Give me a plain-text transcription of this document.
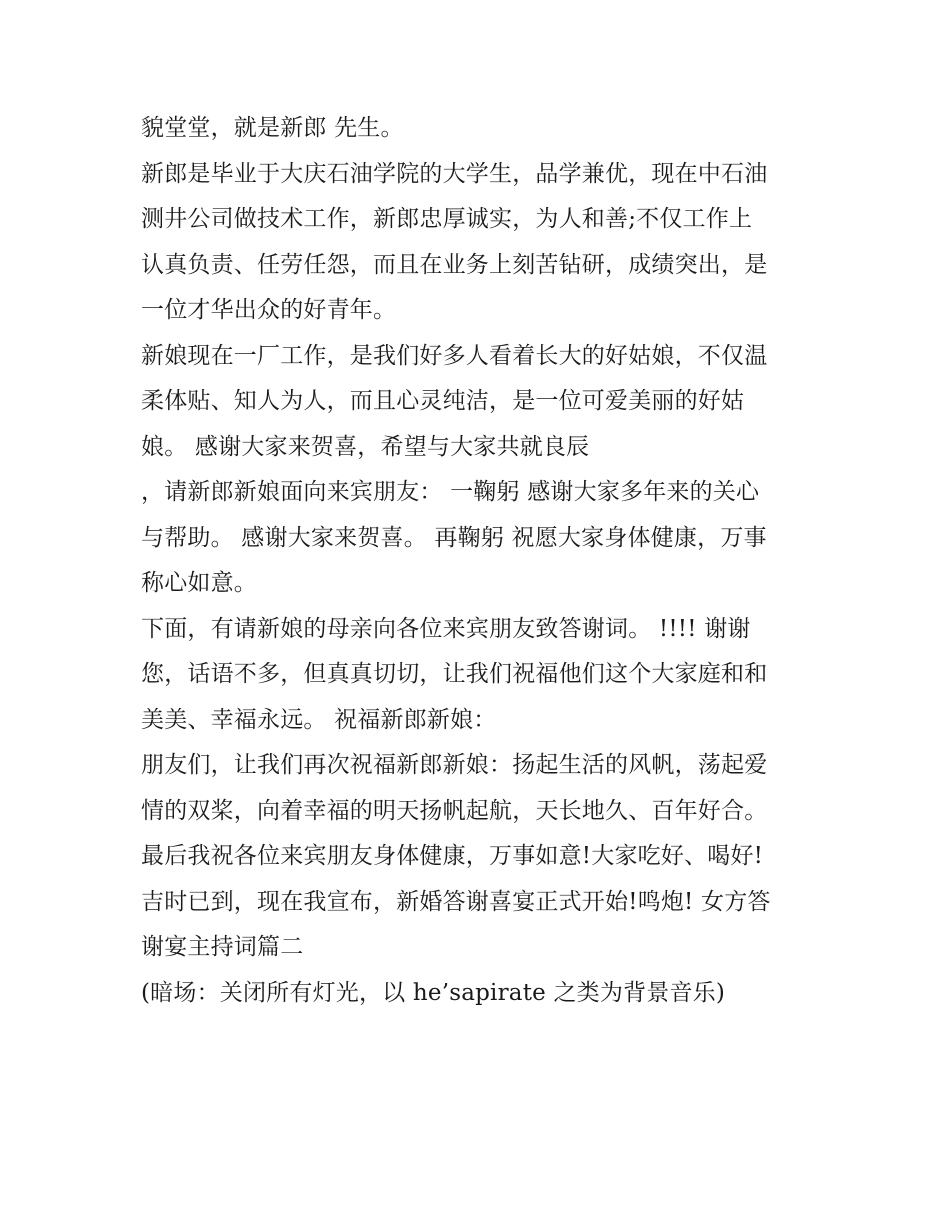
貌堂堂，就是新郎 先生。
新郎是毕业于大庆石油学院的大学生，品学兼优，现在中石油
测井公司做技术工作，新郎忠厚诚实，为人和善;不仅工作上
认真负责、任劳任怨，而且在业务上刻苦钻研，成绩突出，是
一位才华出众的好青年。
新娘现在一厂工作，是我们好多人看着长大的好姑娘，不仅温
柔体贴、知人为人，而且心灵纯洁，是一位可爱美丽的好姑
娘。 感谢大家来贺喜，希望与大家共就良辰
，请新郎新娘面向来宾朋友： 一鞠躬 感谢大家多年来的关心
与帮助。 感谢大家来贺喜。 再鞠躬 祝愿大家身体健康，万事
称心如意。
下面，有请新娘的母亲向各位来宾朋友致答谢词。 !!!! 谢谢
您，话语不多，但真真切切，让我们祝福他们这个大家庭和和
美美、幸福永远。 祝福新郎新娘：
朋友们，让我们再次祝福新郎新娘：扬起生活的风帆，荡起爱
情的双桨，向着幸福的明天扬帆起航，天长地久、百年好合。
最后我祝各位来宾朋友身体健康，万事如意!大家吃好、喝好!
吉时已到，现在我宣布，新婚答谢喜宴正式开始!鸣炮! 女方答
谢宴主持词篇二
(暗场：关闭所有灯光，以 he’sapirate 之类为背景音乐)
